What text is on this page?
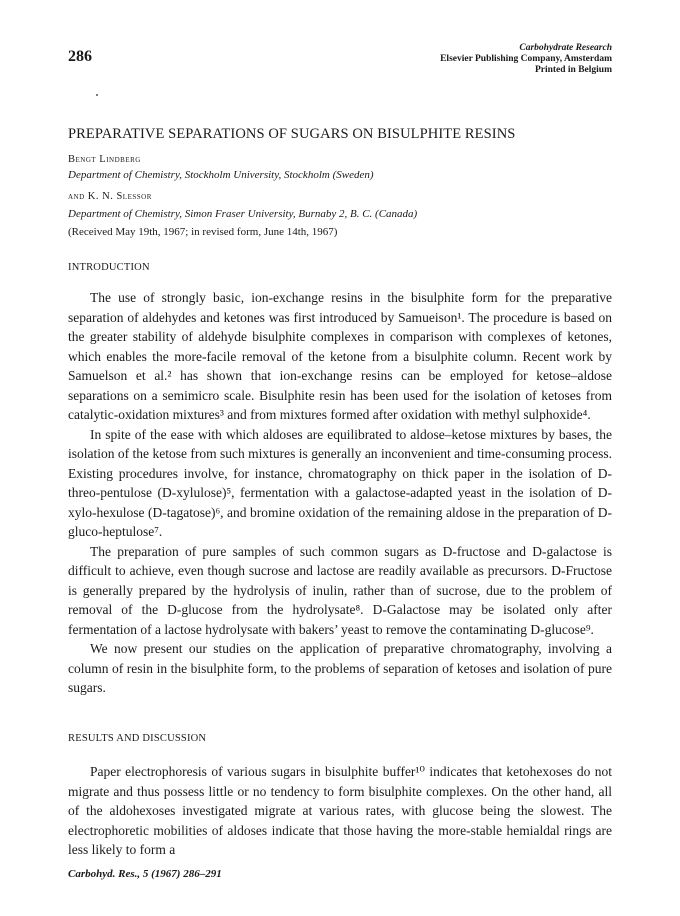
286	Carbohydrate Research
Elsevier Publishing Company, Amsterdam
Printed in Belgium
PREPARATIVE SEPARATIONS OF SUGARS ON BISULPHITE RESINS
Bengt Lindberg
Department of Chemistry, Stockholm University, Stockholm (Sweden)
and K. N. Slessor
Department of Chemistry, Simon Fraser University, Burnaby 2, B. C. (Canada)
(Received May 19th, 1967; in revised form, June 14th, 1967)
INTRODUCTION

The use of strongly basic, ion-exchange resins in the bisulphite form for the preparative separation of aldehydes and ketones was first introduced by Samueison¹. The procedure is based on the greater stability of aldehyde bisulphite complexes in comparison with complexes of ketones, which enables the more-facile removal of the ketone from a bisulphite column. Recent work by Samuelson et al.² has shown that ion-exchange resins can be employed for ketose–aldose separations on a semimicro scale. Bisulphite resin has been used for the isolation of ketoses from catalytic-oxidation mixtures³ and from mixtures formed after oxidation with methyl sulphoxide⁴.

In spite of the ease with which aldoses are equilibrated to aldose–ketose mixtures by bases, the isolation of the ketose from such mixtures is generally an inconvenient and time-consuming process. Existing procedures involve, for instance, chromatography on thick paper in the isolation of D-threo-pentulose (D-xylulose)⁵, fermentation with a galactose-adapted yeast in the isolation of D-xylo-hexulose (D-tagatose)⁶, and bromine oxidation of the remaining aldose in the preparation of D-gluco-heptulose⁷.

The preparation of pure samples of such common sugars as D-fructose and D-galactose is difficult to achieve, even though sucrose and lactose are readily available as precursors. D-Fructose is generally prepared by the hydrolysis of inulin, rather than of sucrose, due to the problem of removal of the D-glucose from the hydrolysate⁸. D-Galactose may be isolated only after fermentation of a lactose hydrolysate with bakers’ yeast to remove the contaminating D-glucose⁹.

We now present our studies on the application of preparative chromatography, involving a column of resin in the bisulphite form, to the problems of separation of ketoses and isolation of pure sugars.

RESULTS AND DISCUSSION

Paper electrophoresis of various sugars in bisulphite buffer¹⁰ indicates that ketohexoses do not migrate and thus possess little or no tendency to form bisulphite complexes. On the other hand, all of the aldohexoses investigated migrate at various rates, with glucose being the slowest. The electrophoretic mobilities of aldoses indicate that those having the more-stable hemialdal rings are less likely to form a

Carbohyd. Res., 5 (1967) 286–291
